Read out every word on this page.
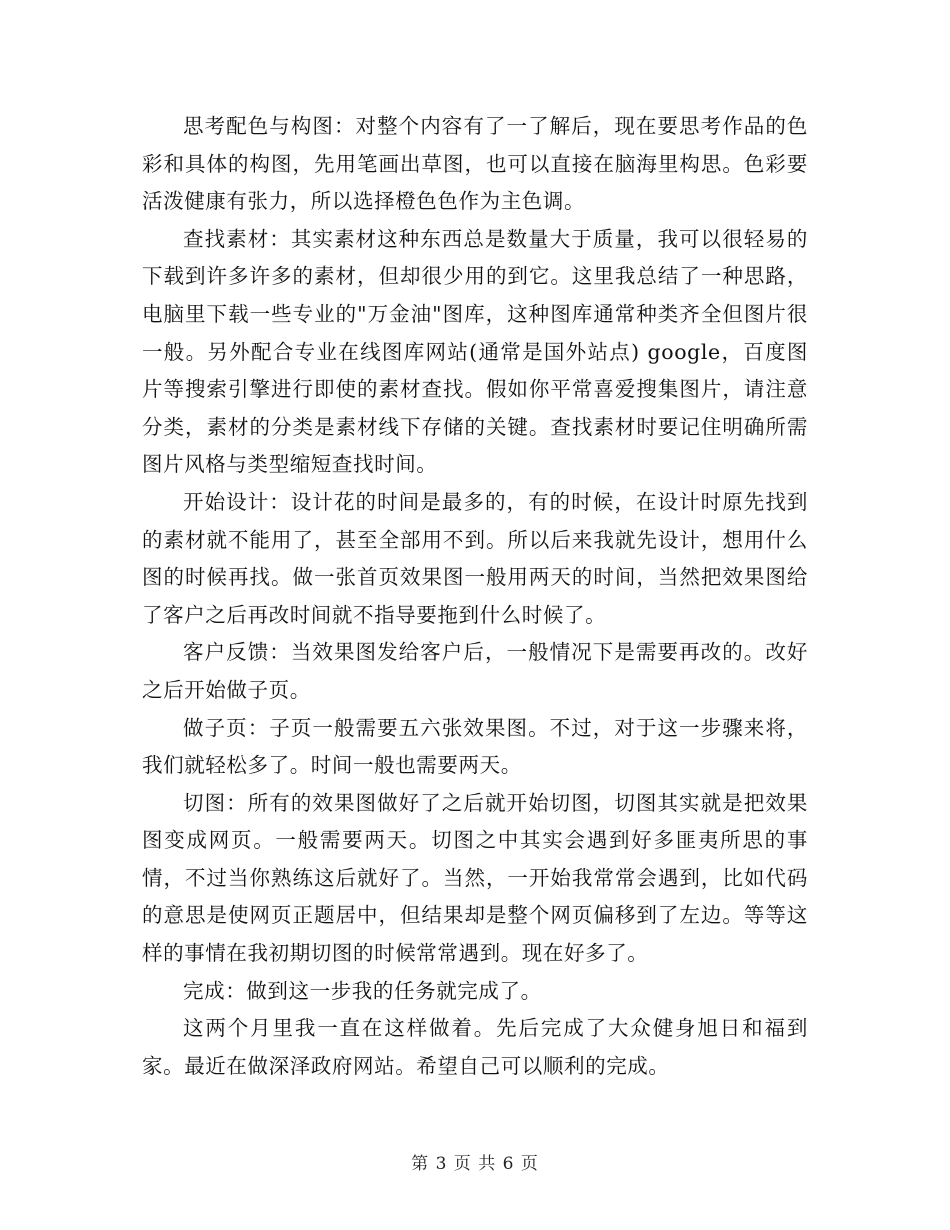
思考配色与构图：对整个内容有了一了解后，现在要思考作品的色彩和具体的构图，先用笔画出草图，也可以直接在脑海里构思。色彩要活泼健康有张力，所以选择橙色色作为主色调。

查找素材：其实素材这种东西总是数量大于质量，我可以很轻易的下载到许多许多的素材，但却很少用的到它。这里我总结了一种思路，电脑里下载一些专业的"万金油"图库，这种图库通常种类齐全但图片很一般。另外配合专业在线图库网站(通常是国外站点) google，百度图片等搜索引擎进行即使的素材查找。假如你平常喜爱搜集图片，请注意分类，素材的分类是素材线下存储的关键。查找素材时要记住明确所需图片风格与类型缩短查找时间。

开始设计：设计花的时间是最多的，有的时候，在设计时原先找到的素材就不能用了，甚至全部用不到。所以后来我就先设计，想用什么图的时候再找。做一张首页效果图一般用两天的时间，当然把效果图给了客户之后再改时间就不指导要拖到什么时候了。

客户反馈：当效果图发给客户后，一般情况下是需要再改的。改好之后开始做子页。

做子页：子页一般需要五六张效果图。不过，对于这一步骤来将，我们就轻松多了。时间一般也需要两天。

切图：所有的效果图做好了之后就开始切图，切图其实就是把效果图变成网页。一般需要两天。切图之中其实会遇到好多匪夷所思的事情，不过当你熟练这后就好了。当然，一开始我常常会遇到，比如代码的意思是使网页正题居中，但结果却是整个网页偏移到了左边。等等这样的事情在我初期切图的时候常常遇到。现在好多了。

完成：做到这一步我的任务就完成了。

这两个月里我一直在这样做着。先后完成了大众健身旭日和福到家。最近在做深泽政府网站。希望自己可以顺利的完成。

第 3 页 共 6 页
